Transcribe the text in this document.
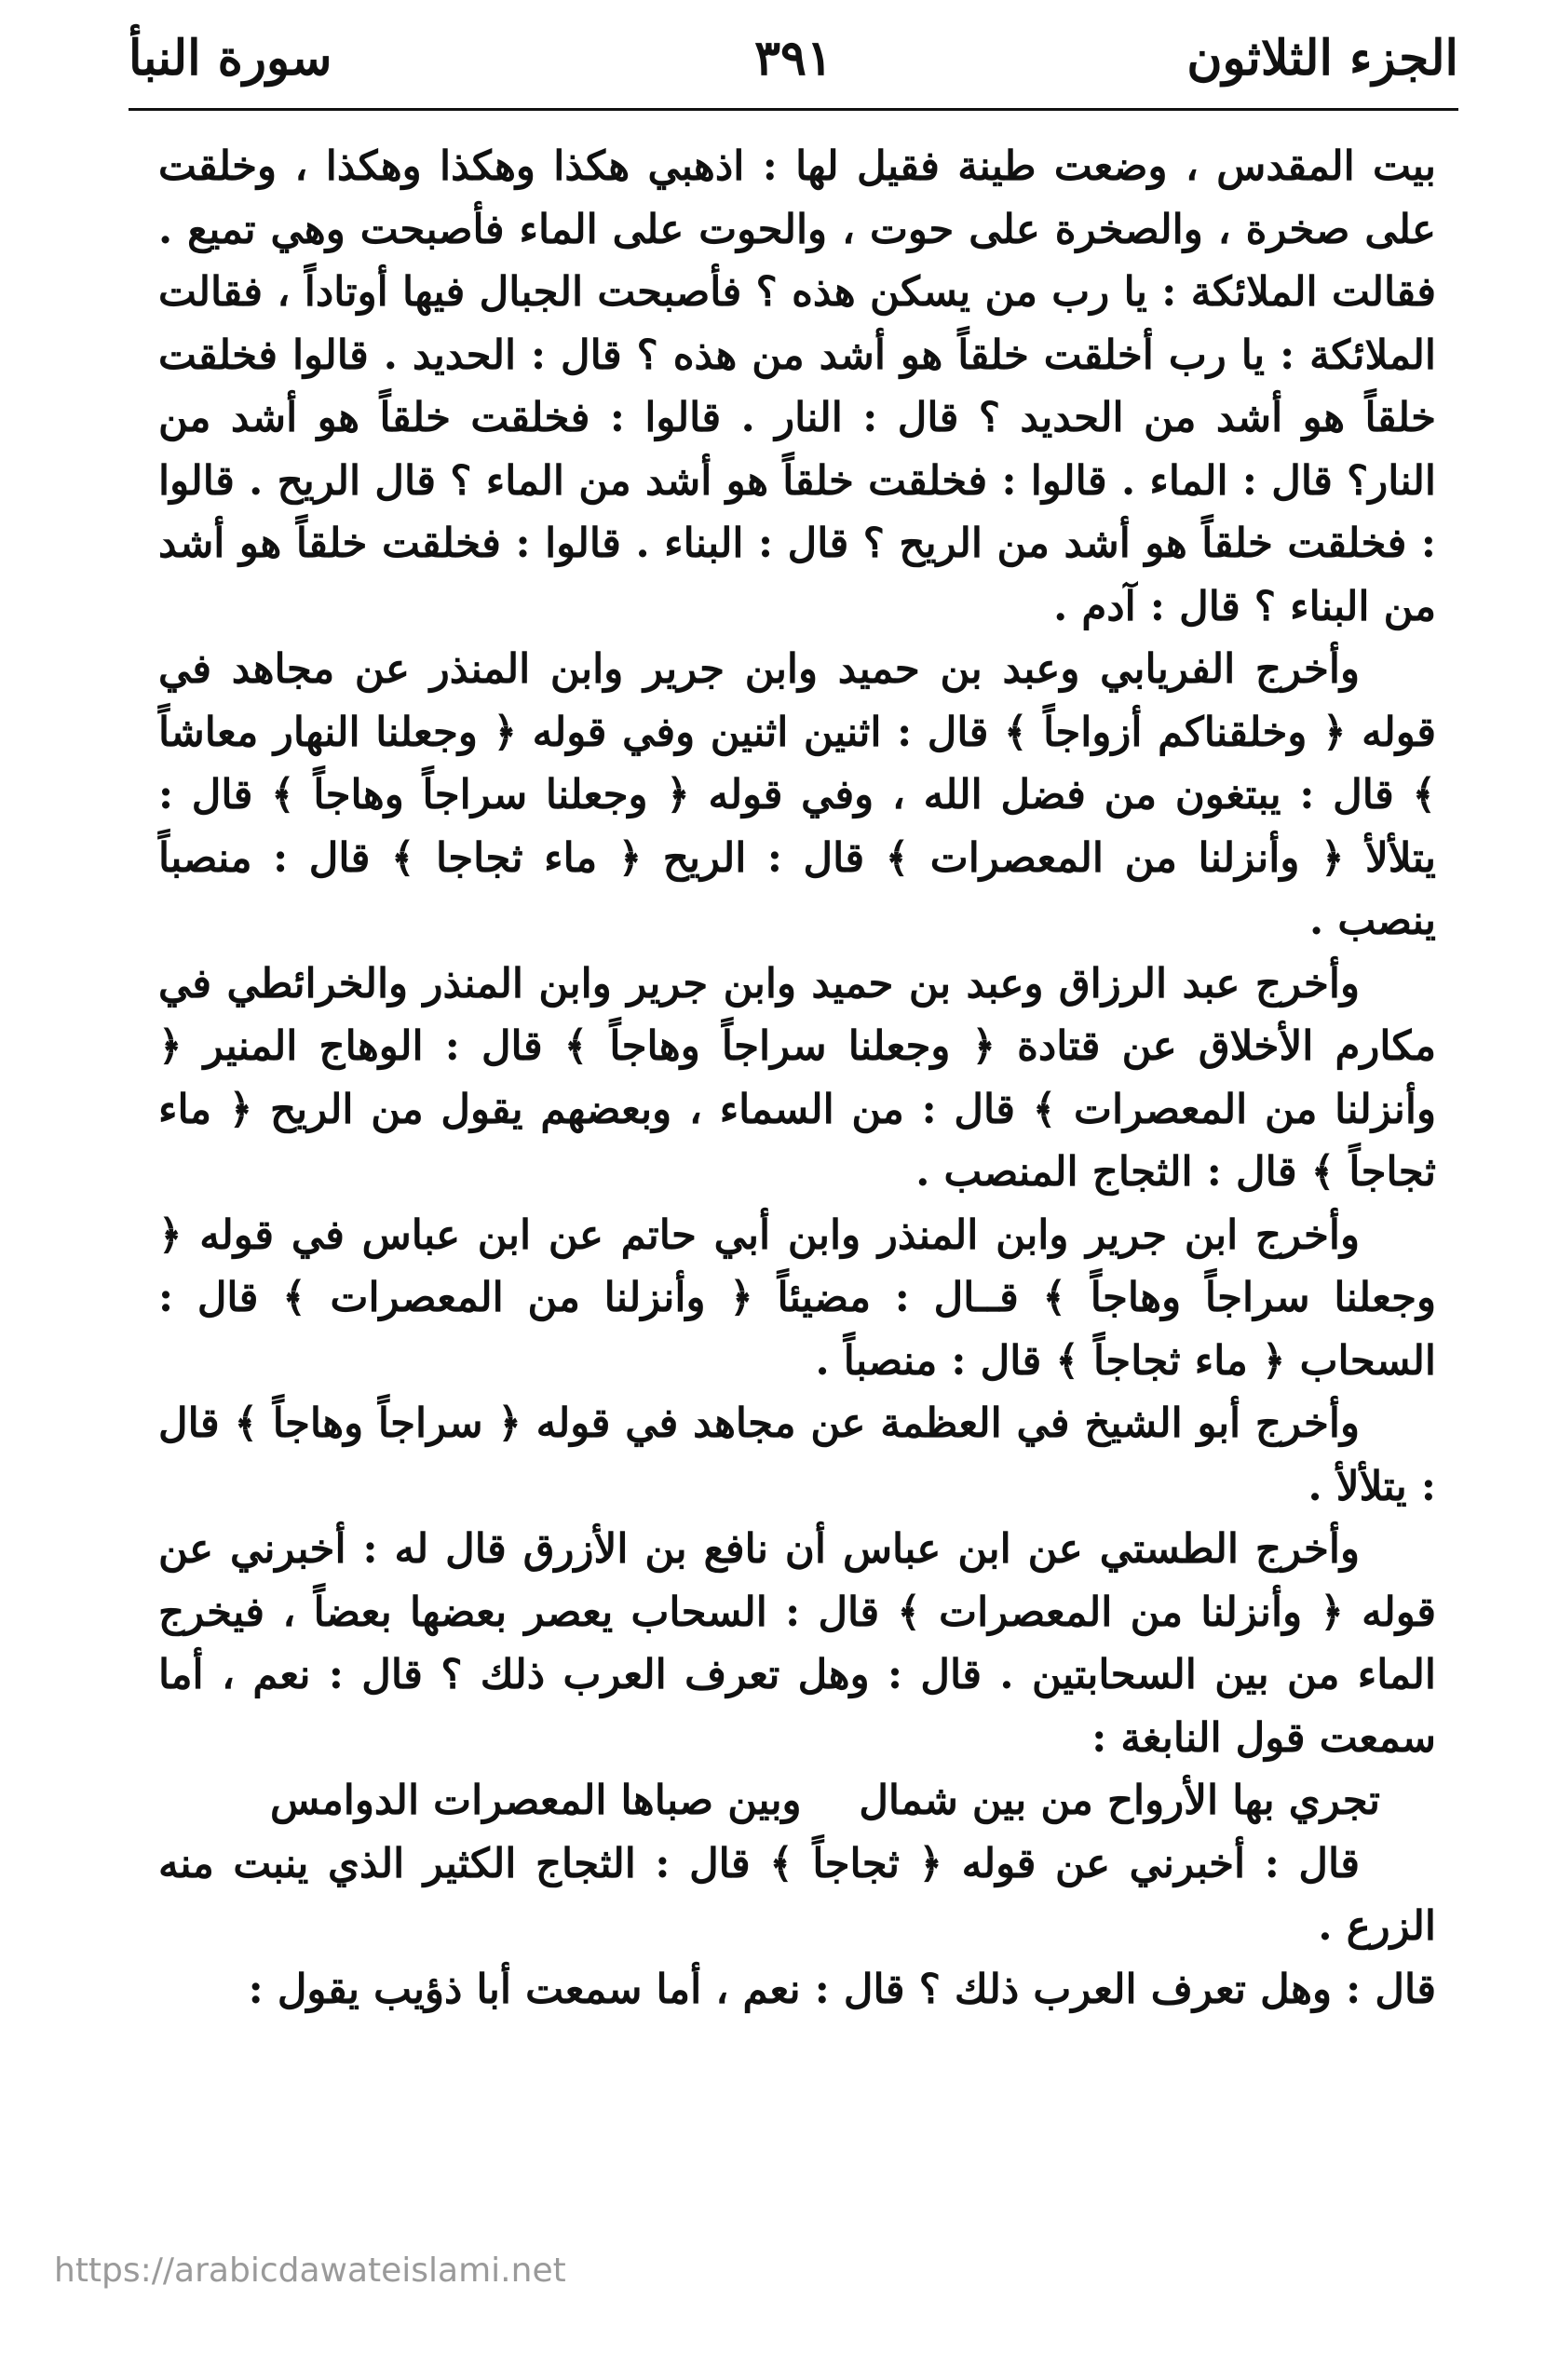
الجزء الثلاثون
٣٩١
سورة النبأ

بيت المقدس ، وضعت طينة فقيل لها : اذهبي هكذا وهكذا وهكذا ، وخلقت على صخرة ، والصخرة على حوت ، والحوت على الماء فأصبحت وهي تميع . فقالت الملائكة : يا رب من يسكن هذه ؟ فأصبحت الجبال فيها أوتاداً ، فقالت الملائكة : يا رب أخلقت خلقاً هو أشد من هذه ؟ قال : الحديد . قالوا فخلقت خلقاً هو أشد من الحديد ؟ قال : النار . قالوا : فخلقت خلقاً هو أشد من النار؟ قال : الماء . قالوا : فخلقت خلقاً هو أشد من الماء ؟ قال الريح . قالوا : فخلقت خلقاً هو أشد من الريح ؟ قال : البناء . قالوا : فخلقت خلقاً هو أشد من البناء ؟ قال : آدم .

وأخرج الفريابي وعبد بن حميد وابن جرير وابن المنذر عن مجاهد في قوله ﴿ وخلقناكم أزواجاً ﴾ قال : اثنين اثنين وفي قوله ﴿ وجعلنا النهار معاشاً ﴾ قال : يبتغون من فضل الله ، وفي قوله ﴿ وجعلنا سراجاً وهاجاً ﴾ قال : يتلألأ ﴿ وأنزلنا من المعصرات ﴾ قال : الريح ﴿ ماء ثجاجا ﴾ قال : منصباً ينصب .

وأخرج عبد الرزاق وعبد بن حميد وابن جرير وابن المنذر والخرائطي في مكارم الأخلاق عن قتادة ﴿ وجعلنا سراجاً وهاجاً ﴾ قال : الوهاج المنير ﴿ وأنزلنا من المعصرات ﴾ قال : من السماء ، وبعضهم يقول من الريح ﴿ ماء ثجاجاً ﴾ قال : الثجاج المنصب .

وأخرج ابن جرير وابن المنذر وابن أبي حاتم عن ابن عباس في قوله ﴿ وجعلنا سراجاً وهاجاً ﴾ قــال : مضيئاً ﴿ وأنزلنا من المعصرات ﴾ قال : السحاب ﴿ ماء ثجاجاً ﴾ قال : منصباً .

وأخرج أبو الشيخ في العظمة عن مجاهد في قوله ﴿ سراجاً وهاجاً ﴾ قال : يتلألأ .

وأخرج الطستي عن ابن عباس أن نافع بن الأزرق قال له : أخبرني عن قوله ﴿ وأنزلنا من المعصرات ﴾ قال : السحاب يعصر بعضها بعضاً ، فيخرج الماء من بين السحابتين . قال : وهل تعرف العرب ذلك ؟ قال : نعم ، أما سمعت قول النابغة :

تجري بها الأرواح من بين شمال
وبين صباها المعصرات الدوامس

قال : أخبرني عن قوله ﴿ ثجاجاً ﴾ قال : الثجاج الكثير الذي ينبت منه الزرع .

قال : وهل تعرف العرب ذلك ؟ قال : نعم ، أما سمعت أبا ذؤيب يقول :

https://arabicdawateislami.net
